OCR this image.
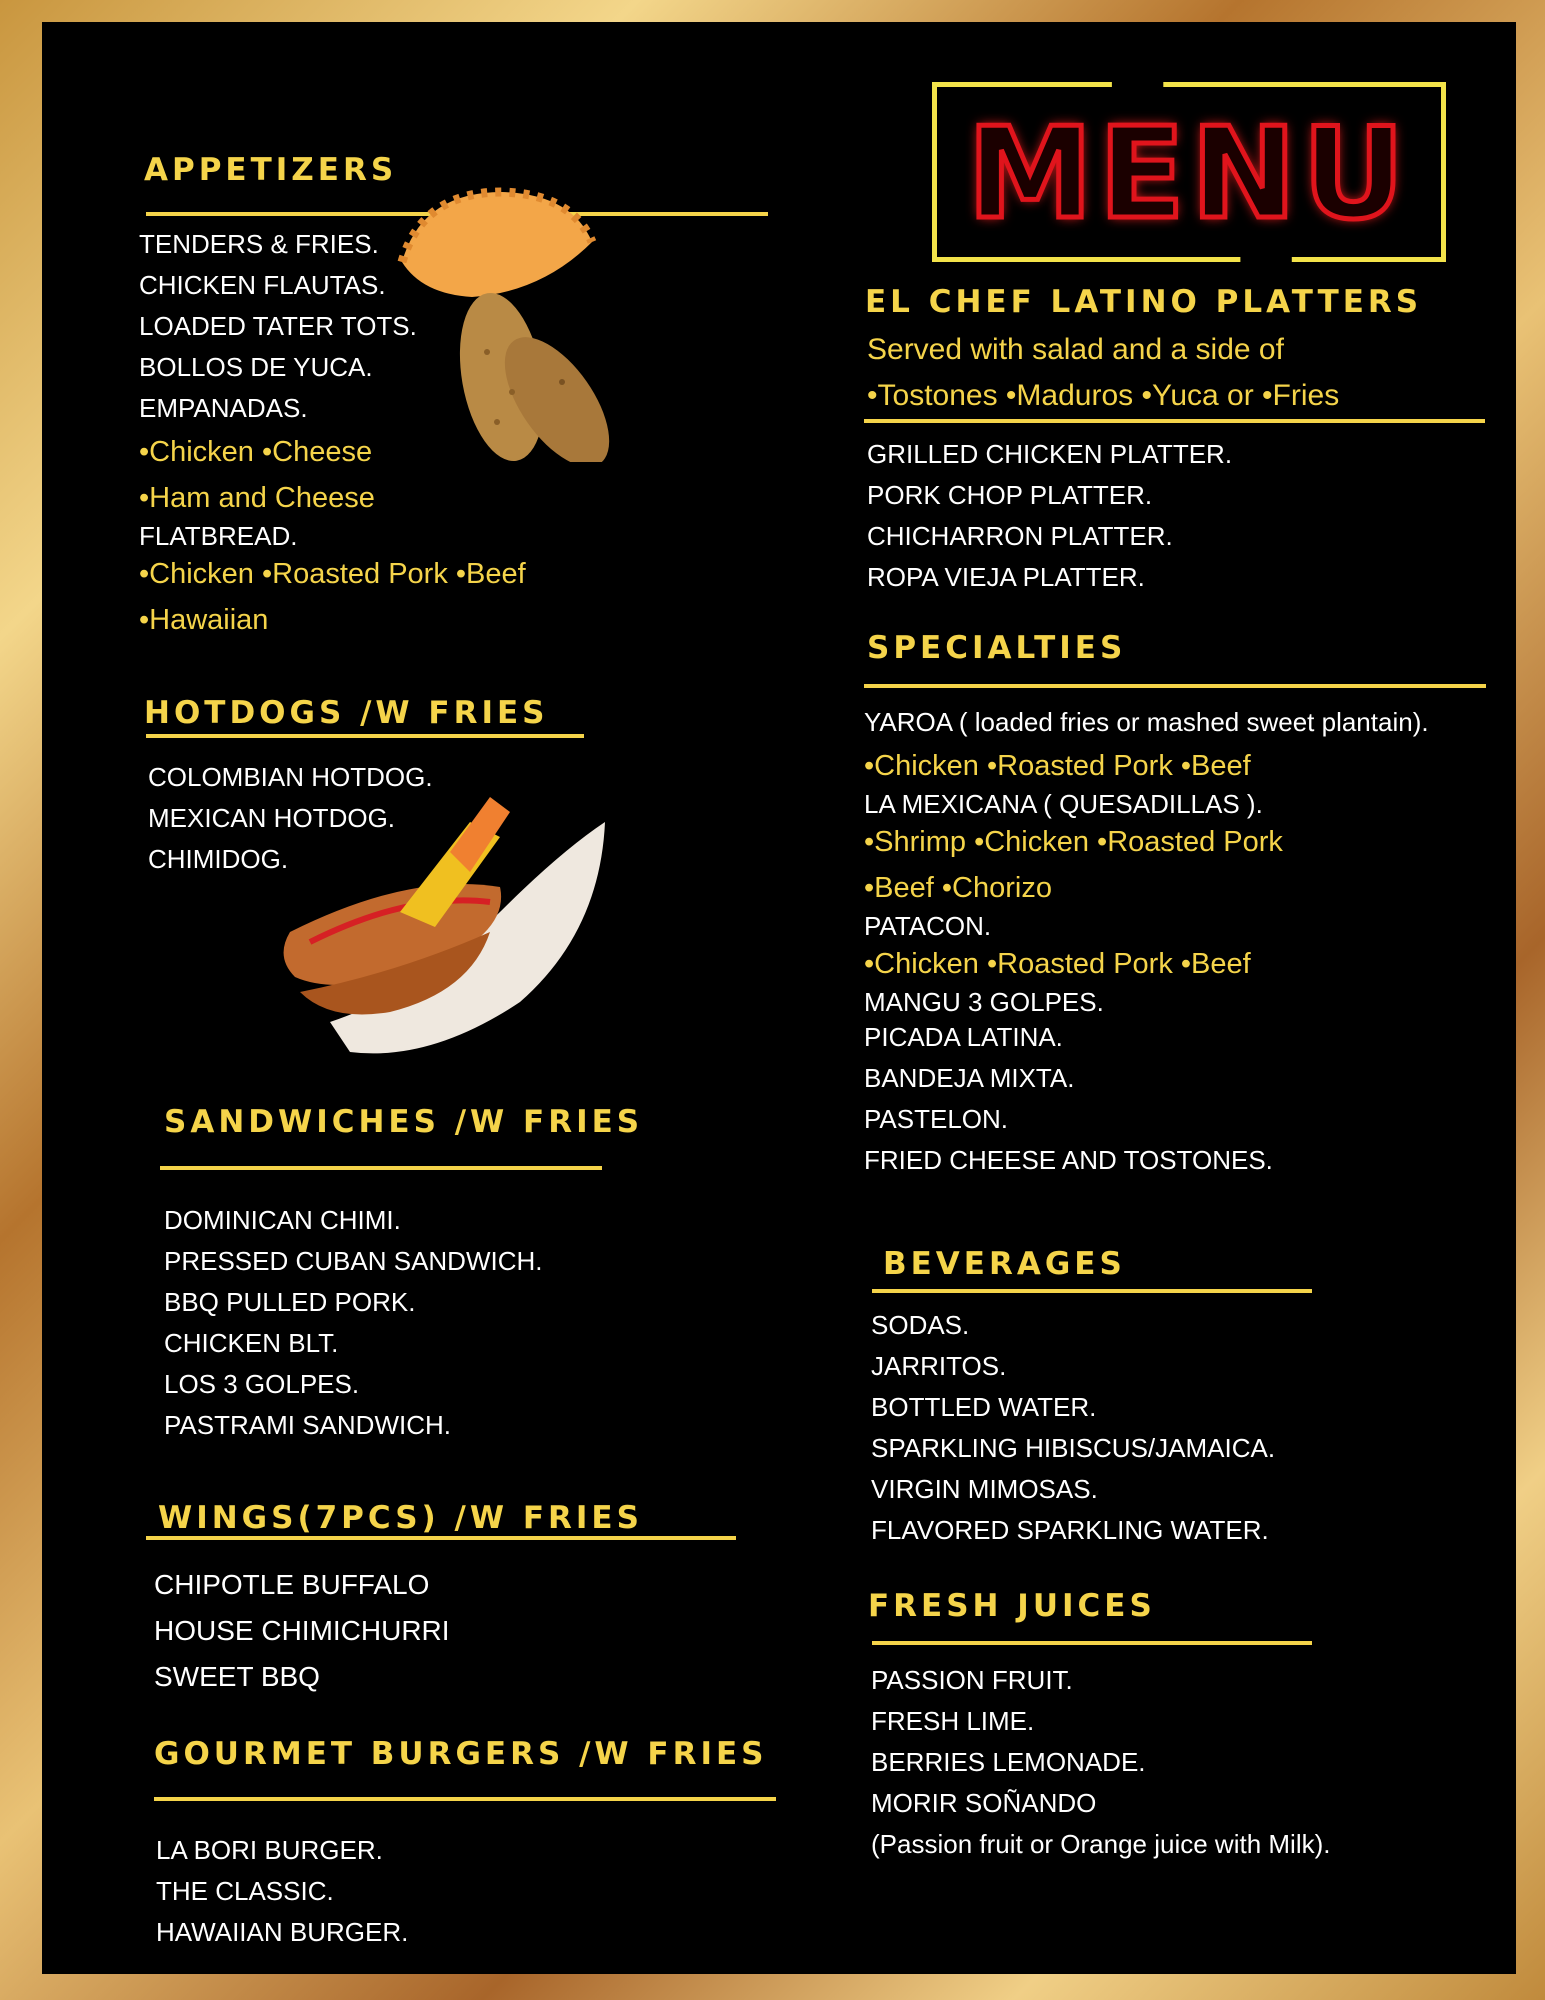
MENU
APPETIZERS
TENDERS & FRIES.
CHICKEN FLAUTAS.
LOADED TATER TOTS.
BOLLOS DE YUCA.
EMPANADAS.
•Chicken •Cheese
•Ham and Cheese
FLATBREAD.
•Chicken •Roasted Pork •Beef
•Hawaiian
HOTDOGS /W FRIES
COLOMBIAN HOTDOG.
MEXICAN HOTDOG.
CHIMIDOG.
SANDWICHES /W FRIES
DOMINICAN CHIMI.
PRESSED CUBAN SANDWICH.
BBQ PULLED PORK.
CHICKEN BLT.
LOS 3 GOLPES.
PASTRAMI SANDWICH.
WINGS(7PCS) /W FRIES
CHIPOTLE BUFFALO
HOUSE CHIMICHURRI
SWEET BBQ
GOURMET BURGERS /W FRIES
LA BORI BURGER.
THE CLASSIC.
HAWAIIAN BURGER.
EL CHEF LATINO PLATTERS
Served with salad and a side of
•Tostones •Maduros •Yuca or •Fries
GRILLED CHICKEN PLATTER.
PORK CHOP PLATTER.
CHICHARRON PLATTER.
ROPA VIEJA PLATTER.
SPECIALTIES
YAROA ( loaded fries or mashed sweet plantain).
•Chicken •Roasted Pork •Beef
LA MEXICANA ( QUESADILLAS ).
•Shrimp •Chicken •Roasted Pork
•Beef •Chorizo
PATACON.
•Chicken •Roasted Pork •Beef
MANGU 3 GOLPES.
PICADA LATINA.
BANDEJA MIXTA.
PASTELON.
FRIED CHEESE AND TOSTONES.
BEVERAGES
SODAS.
JARRITOS.
BOTTLED WATER.
SPARKLING HIBISCUS/JAMAICA.
VIRGIN MIMOSAS.
FLAVORED SPARKLING WATER.
FRESH JUICES
PASSION FRUIT.
FRESH LIME.
BERRIES LEMONADE.
MORIR SOÑANDO
(Passion fruit or Orange juice with Milk).
